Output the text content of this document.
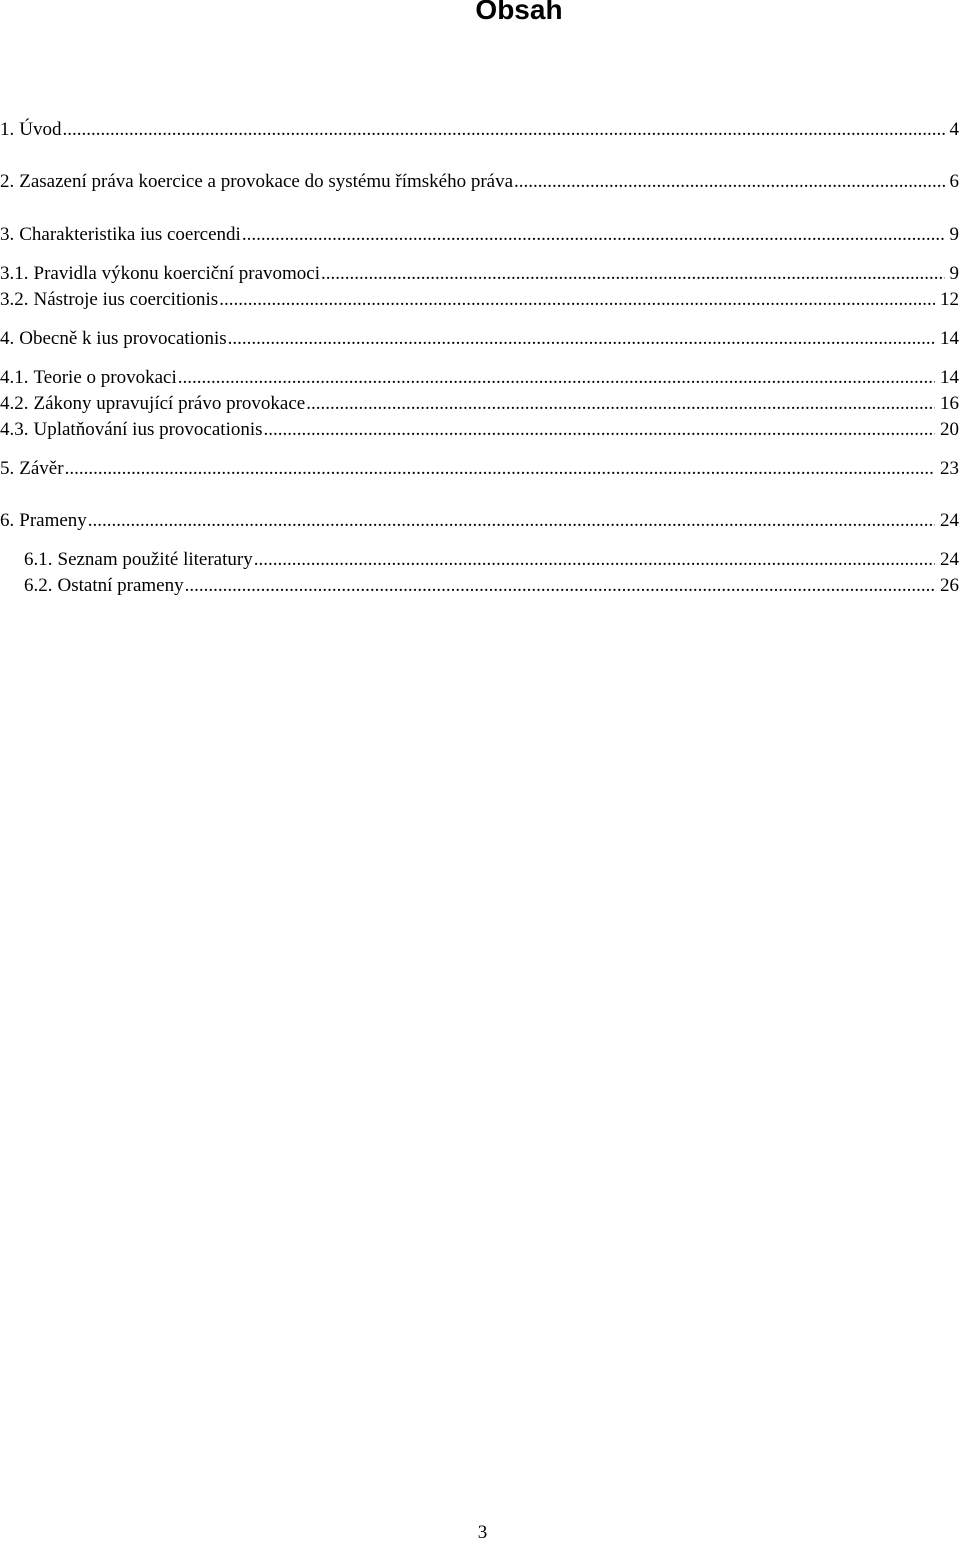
Obsah
1. Úvod .....	4
2. Zasazení práva koercice a provokace do systému římského práva .....	6
3. Charakteristika ius coercendi .....	9
3.1. Pravidla výkonu koerciční pravomoci .....	9
3.2. Nástroje ius coercitionis .....	12
4. Obecně k ius provocationis .....	14
4.1. Teorie o provokaci .....	14
4.2. Zákony upravující právo provokace .....	16
4.3. Uplatňování ius provocationis .....	20
5. Závěr .....	23
6. Prameny .....	24
6.1. Seznam použité literatury .....	24
6.2. Ostatní prameny .....	26
3
